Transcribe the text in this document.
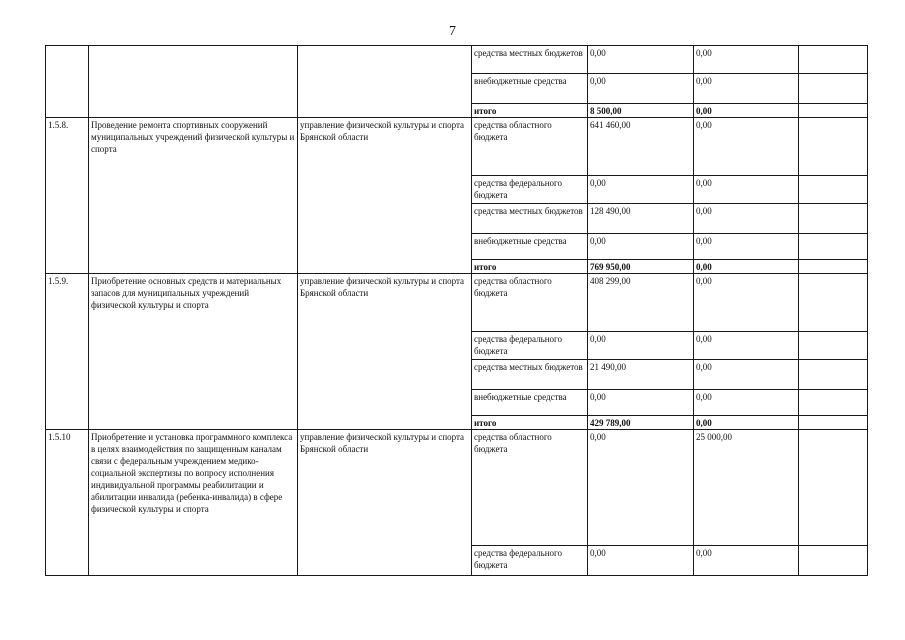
7
			средства местных бюджетов	0,00	0,00	
			внебюджетные средства	0,00	0,00	
			итого	8 500,00	0,00	
1.5.8.	Проведение ремонта спортивных сооружений муниципальных учреждений физической культуры и спорта	управление физической культуры и спорта Брянской области	средства областного бюджета	641 460,00	0,00	
			средства федерального бюджета	0,00	0,00	
			средства местных бюджетов	128 490,00	0,00	
			внебюджетные средства	0,00	0,00	
			итого	769 950,00	0,00	
1.5.9.	Приобретение основных средств и материальных запасов для муниципальных учреждений физической культуры и спорта	управление физической культуры и спорта Брянской области	средства областного бюджета	408 299,00	0,00	
			средства федерального бюджета	0,00	0,00	
			средства местных бюджетов	21 490,00	0,00	
			внебюджетные средства	0,00	0,00	
			итого	429 789,00	0,00	
1.5.10	Приобретение и установка программного комплекса в целях взаимодействия по защищенным каналам связи с федеральным учреждением медико-социальной экспертизы по вопросу исполнения индивидуальной программы реабилитации и абилитации инвалида (ребенка-инвалида) в сфере физической культуры и спорта	управление физической культуры и спорта Брянской области	средства областного бюджета	0,00	25 000,00	
			средства федерального бюджета	0,00	0,00	
